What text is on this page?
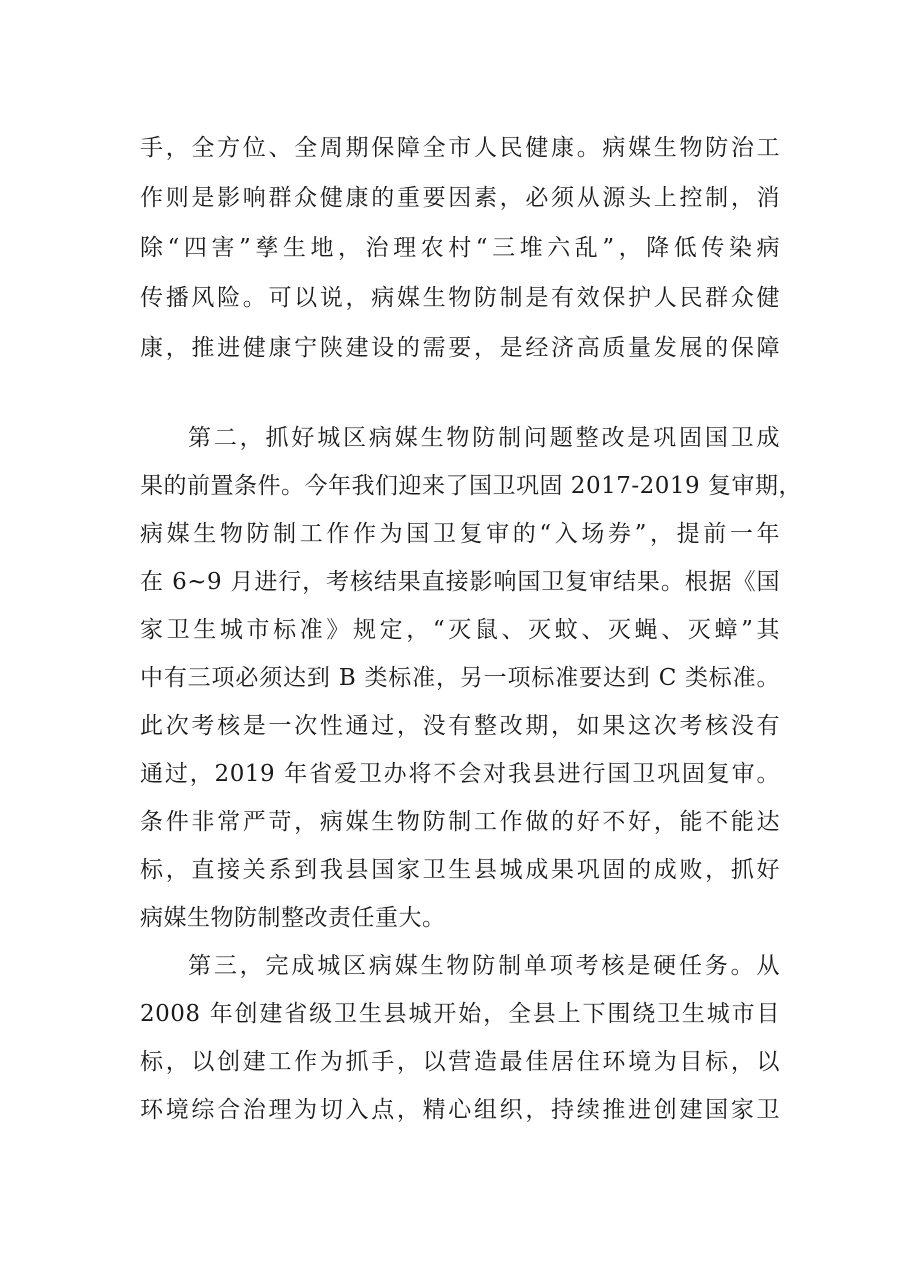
手，全方位、全周期保障全市人民健康。病媒生物防治工
作则是影响群众健康的重要因素，必须从源头上控制，消
除“四害”孳生地，治理农村“三堆六乱”，降低传染病
传播风险。可以说，病媒生物防制是有效保护人民群众健
康，推进健康宁陕建设的需要，是经济高质量发展的保障
第二，抓好城区病媒生物防制问题整改是巩固国卫成
果的前置条件。今年我们迎来了国卫巩固 2017-2019 复审期，
病媒生物防制工作作为国卫复审的“入场券”，提前一年
在 6~9 月进行，考核结果直接影响国卫复审结果。根据《国
家卫生城市标准》规定，“灭鼠、灭蚊、灭蝇、灭蟑”其
中有三项必须达到 B 类标准，另一项标准要达到 C 类标准。
此次考核是一次性通过，没有整改期，如果这次考核没有
通过，2019 年省爱卫办将不会对我县进行国卫巩固复审。
条件非常严苛，病媒生物防制工作做的好不好，能不能达
标，直接关系到我县国家卫生县城成果巩固的成败，抓好
病媒生物防制整改责任重大。
第三，完成城区病媒生物防制单项考核是硬任务。从
2008 年创建省级卫生县城开始，全县上下围绕卫生城市目
标，以创建工作为抓手，以营造最佳居住环境为目标，以
环境综合治理为切入点，精心组织，持续推进创建国家卫
